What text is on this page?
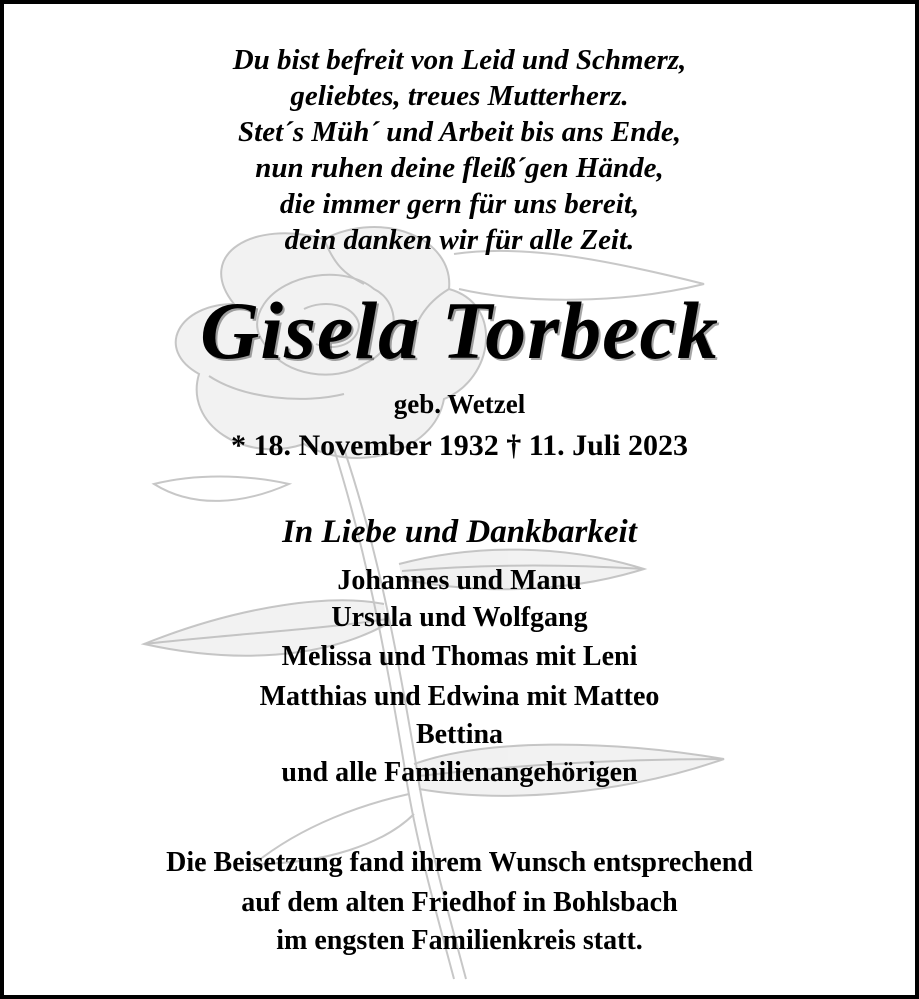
Du bist befreit von Leid und Schmerz,
geliebtes, treues Mutterherz.
Stet´s Müh´ und Arbeit bis ans Ende,
nun ruhen deine fleiß´gen Hände,
die immer gern für uns bereit,
dein danken wir für alle Zeit.
Gisela Torbeck
geb. Wetzel
* 18. November 1932 † 11. Juli 2023
In Liebe und Dankbarkeit
Johannes und Manu
Ursula und Wolfgang
Melissa und Thomas mit Leni
Matthias und Edwina mit Matteo
Bettina
und alle Familienangehörigen
Die Beisetzung fand ihrem Wunsch entsprechend
auf dem alten Friedhof in Bohlsbach
im engsten Familienkreis statt.
